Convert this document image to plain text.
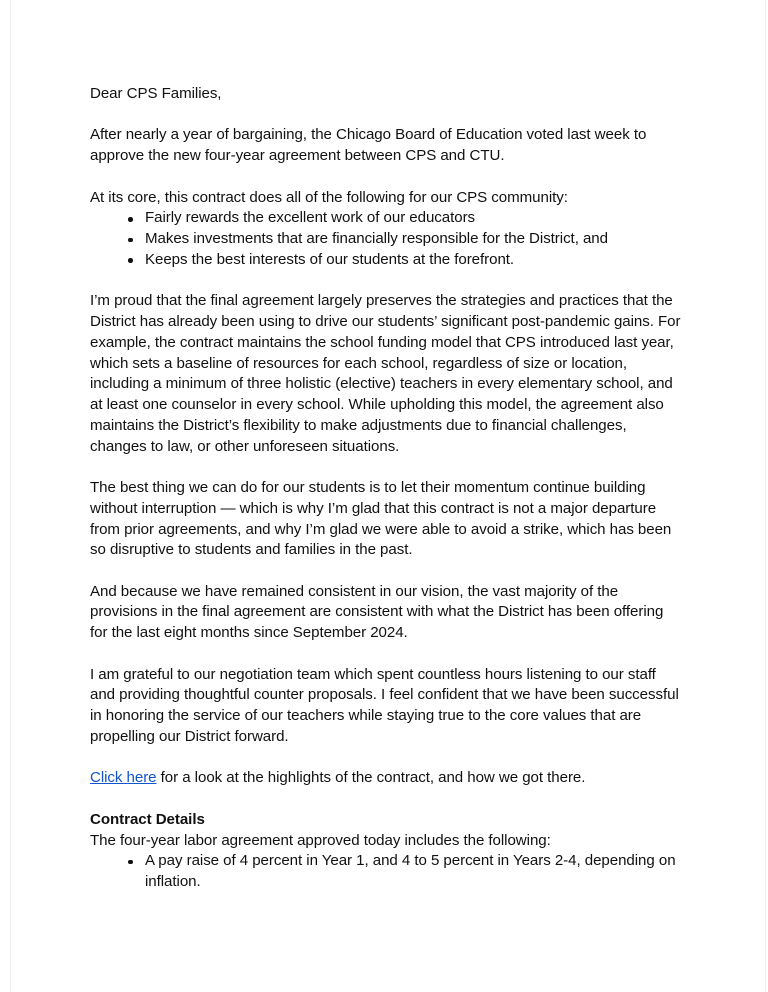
Dear CPS Families,

After nearly a year of bargaining, the Chicago Board of Education voted last week to approve the new four-year agreement between CPS and CTU.

At its core, this contract does all of the following for our CPS community:

Fairly rewards the excellent work of our educators
Makes investments that are financially responsible for the District, and
Keeps the best interests of our students at the forefront.

I’m proud that the final agreement largely preserves the strategies and practices that the District has already been using to drive our students’ significant post-pandemic gains. For example, the contract maintains the school funding model that CPS introduced last year, which sets a baseline of resources for each school, regardless of size or location, including a minimum of three holistic (elective) teachers in every elementary school, and at least one counselor in every school. While upholding this model, the agreement also maintains the District’s flexibility to make adjustments due to financial challenges, changes to law, or other unforeseen situations.

The best thing we can do for our students is to let their momentum continue building without interruption — which is why I’m glad that this contract is not a major departure from prior agreements, and why I’m glad we were able to avoid a strike, which has been so disruptive to students and families in the past.

And because we have remained consistent in our vision, the vast majority of the provisions in the final agreement are consistent with what the District has been offering for the last eight months since September 2024.

I am grateful to our negotiation team which spent countless hours listening to our staff and providing thoughtful counter proposals. I feel confident that we have been successful in honoring the service of our teachers while staying true to the core values that are propelling our District forward.

Click here for a look at the highlights of the contract, and how we got there.

Contract Details

The four-year labor agreement approved today includes the following:

A pay raise of 4 percent in Year 1, and 4 to 5 percent in Years 2-4, depending on inflation.
